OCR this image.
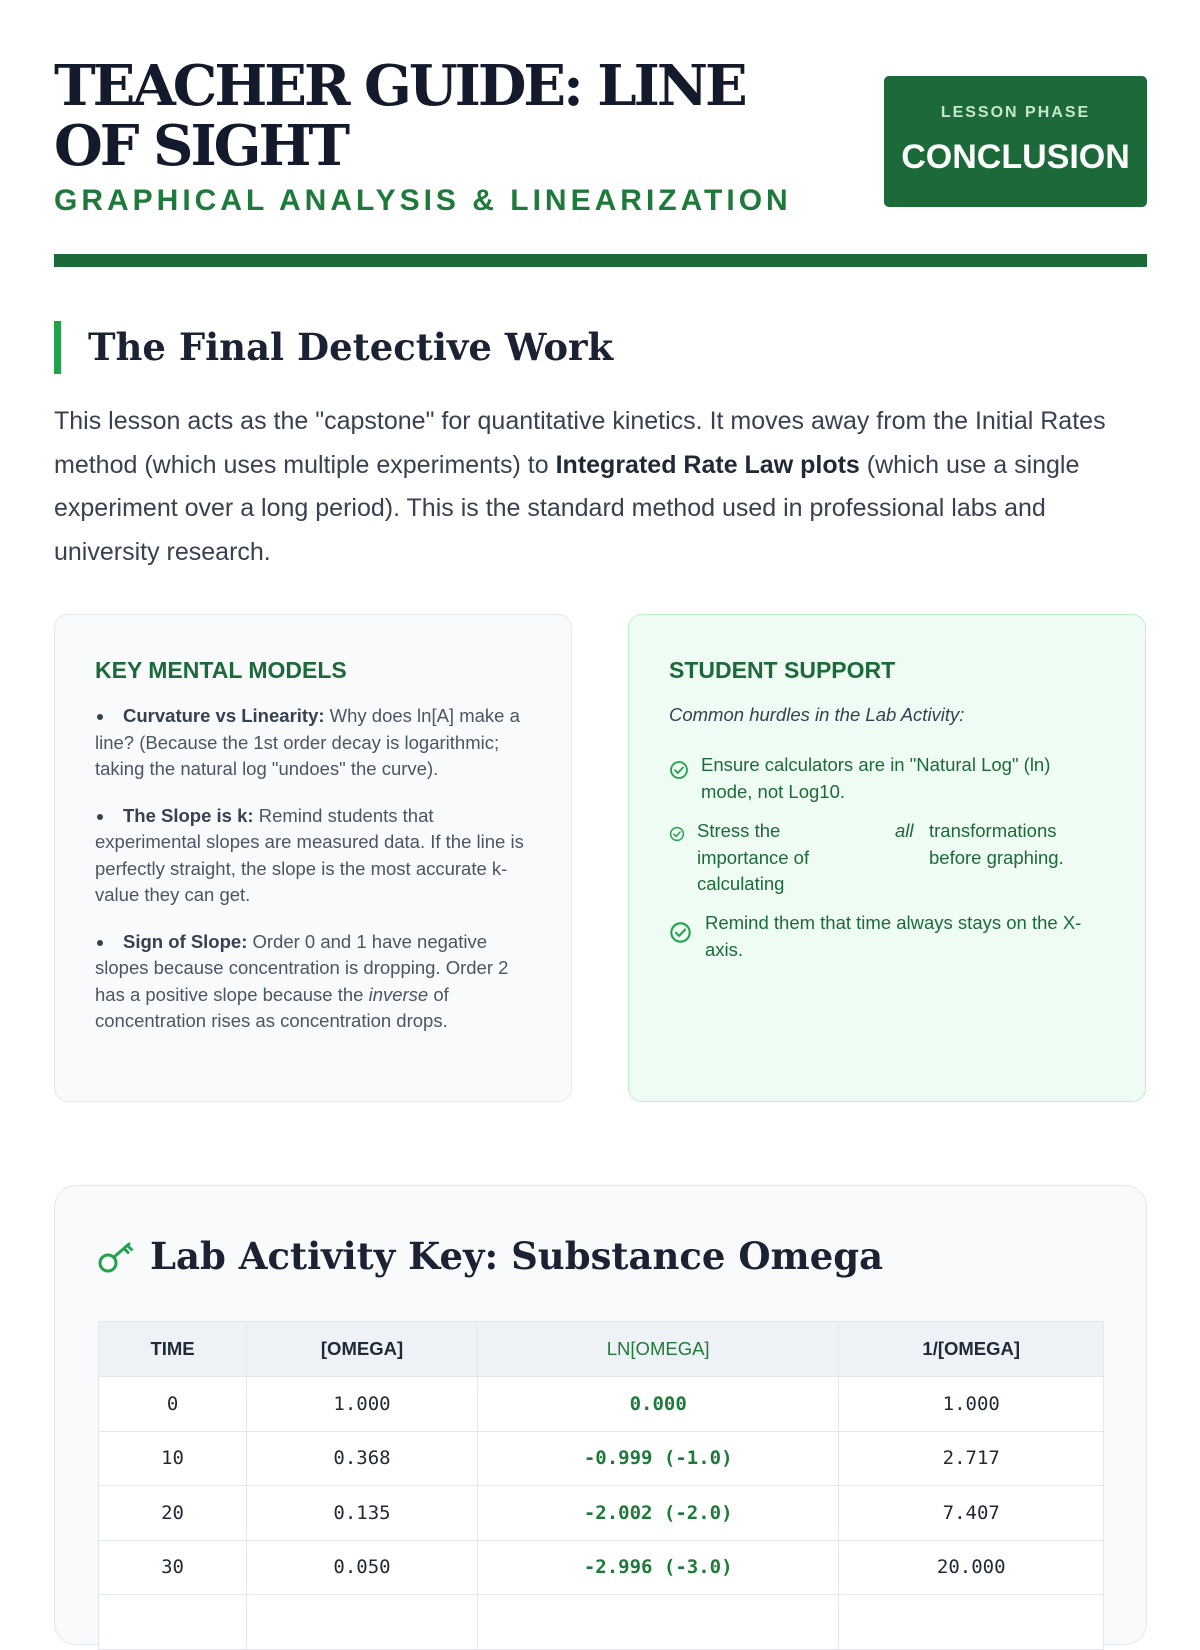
TEACHER GUIDE: LINE OF SIGHT
GRAPHICAL ANALYSIS & LINEARIZATION
LESSON PHASE
CONCLUSION
The Final Detective Work

This lesson acts as the "capstone" for quantitative kinetics. It moves away from the Initial Rates method (which uses multiple experiments) to Integrated Rate Law plots (which use a single experiment over a long period). This is the standard method used in professional labs and university research.

KEY MENTAL MODELS
Curvature vs Linearity: Why does ln[A] make a line? (Because the 1st order decay is logarithmic; taking the natural log "undoes" the curve).
The Slope is k: Remind students that experimental slopes are measured data. If the line is perfectly straight, the slope is the most accurate k-value they can get.
Sign of Slope: Order 0 and 1 have negative slopes because concentration is dropping. Order 2 has a positive slope because the inverse of concentration rises as concentration drops.
STUDENT SUPPORT

Common hurdles in the Lab Activity:

Ensure calculators are in "Natural Log" (ln) mode, not Log10.

Stress the importance of calculating

all transformations before graphing.

Remind them that time always stays on the X-axis.

Lab Activity Key: Substance Omega
TIME	[OMEGA]	LN[OMEGA]	1/[OMEGA]
0	1.000	0.000	1.000
10	0.368	-0.999 (-1.0)	2.717
20	0.135	-2.002 (-2.0)	7.407
30	0.050	-2.996 (-3.0)	20.000
